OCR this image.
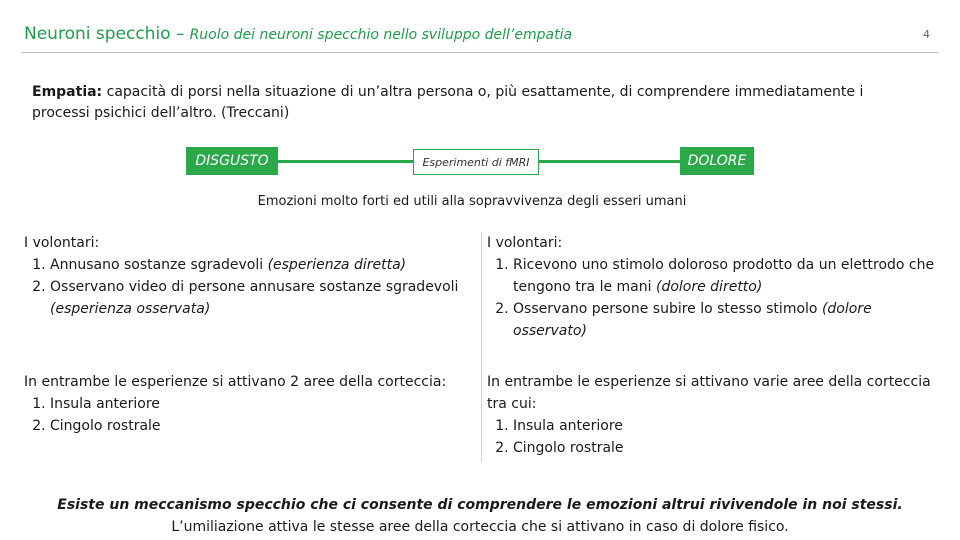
Neuroni specchio – Ruolo dei neuroni specchio nello sviluppo dell’empatia	4
Empatia: capacità di porsi nella situazione di un’altra persona o, più esattamente, di comprendere immediatamente i processi psichici dell’altro. (Treccani)
DISGUSTO	Esperimenti di fMRI	DOLORE
Emozioni molto forti ed utili alla sopravvivenza degli esseri umani
I volontari:
1. Annusano sostanze sgradevoli (esperienza diretta)
2. Osservano video di persone annusare sostanze sgradevoli (esperienza osservata)
I volontari:
1. Ricevono uno stimolo doloroso prodotto da un elettrodo che tengono tra le mani (dolore diretto)
2. Osservano persone subire lo stesso stimolo (dolore osservato)
In entrambe le esperienze si attivano 2 aree della corteccia:
1. Insula anteriore
2. Cingolo rostrale
In entrambe le esperienze si attivano varie aree della corteccia tra cui:
1. Insula anteriore
2. Cingolo rostrale
Esiste un meccanismo specchio che ci consente di comprendere le emozioni altrui rivivendole in noi stessi.
L’umiliazione attiva le stesse aree della corteccia che si attivano in caso di dolore fisico.
